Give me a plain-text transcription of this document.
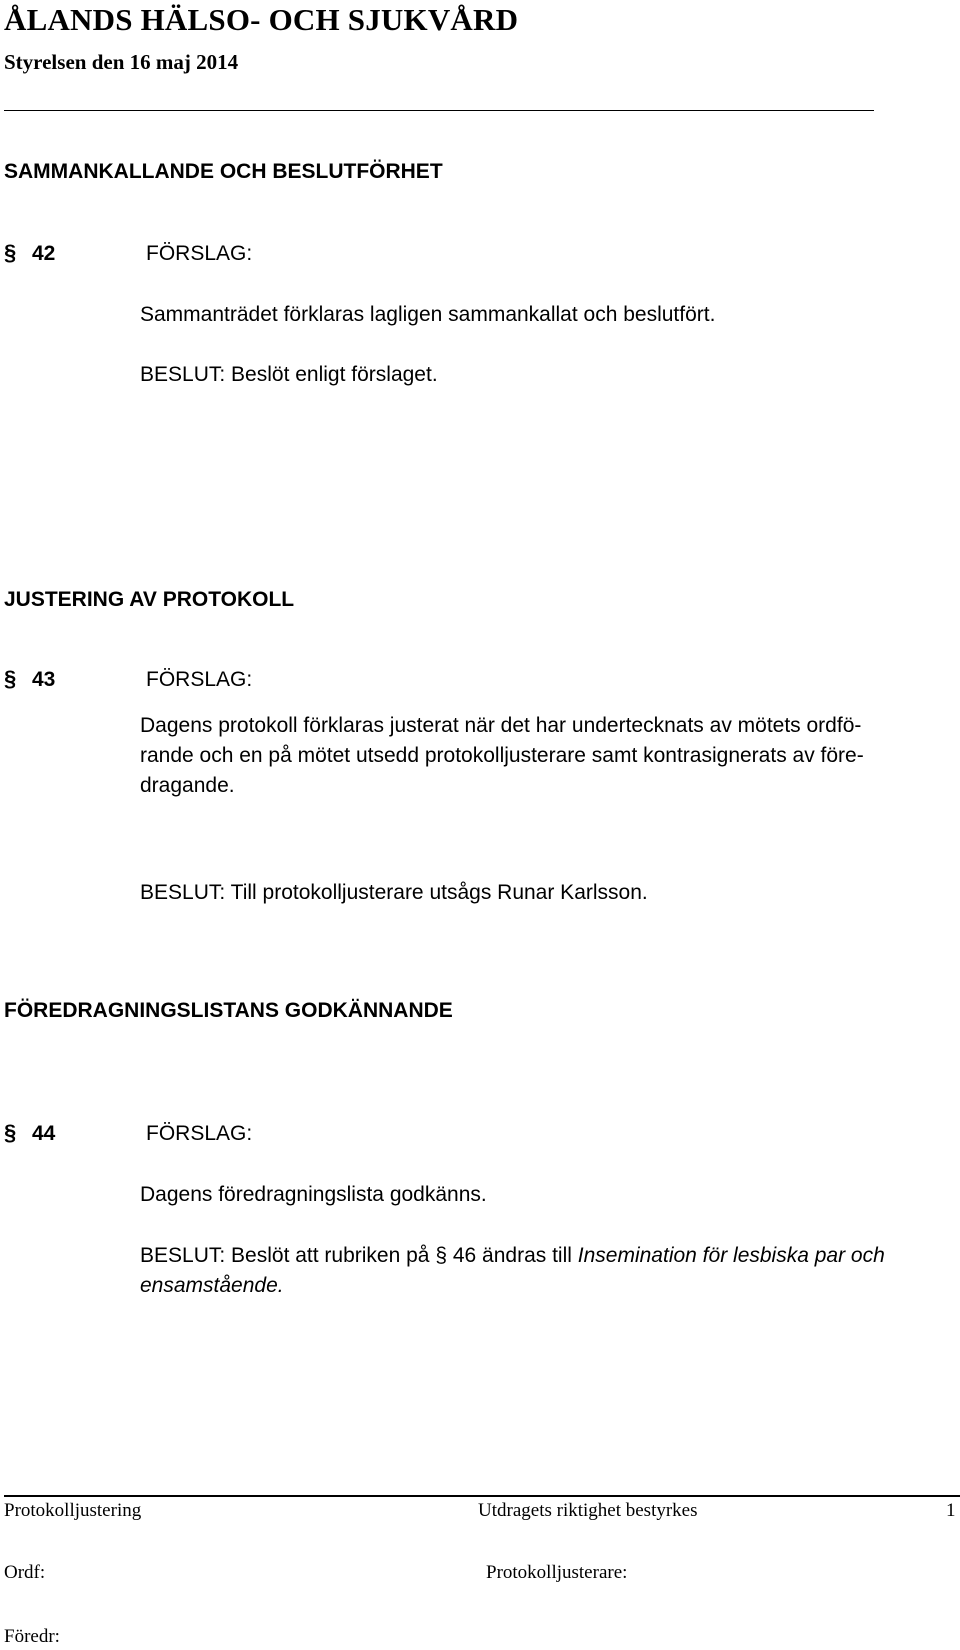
ÅLANDS HÄLSO- OCH SJUKVÅRD
Styrelsen den 16 maj 2014
SAMMANKALLANDE OCH BESLUTFÖRHET
§ 42	FÖRSLAG:
Sammanträdet förklaras lagligen sammankallat och beslutfört.
BESLUT: Beslöt enligt förslaget.
JUSTERING AV PROTOKOLL
§ 43	FÖRSLAG:
Dagens protokoll förklaras justerat när det har undertecknats av mötets ordfö-
rande och en på mötet utsedd protokolljusterare samt kontrasignerats av före-
dragande.
BESLUT: Till protokolljusterare utsågs Runar Karlsson.
FÖREDRAGNINGSLISTANS GODKÄNNANDE
§ 44	FÖRSLAG:
Dagens föredragningslista godkänns.
BESLUT: Beslöt att rubriken på § 46 ändras till Insemination för lesbiska par och
ensamstående.
Protokolljustering	Utdragets riktighet bestyrkes	1
Ordf:	Protokolljusterare:
Föredr:
